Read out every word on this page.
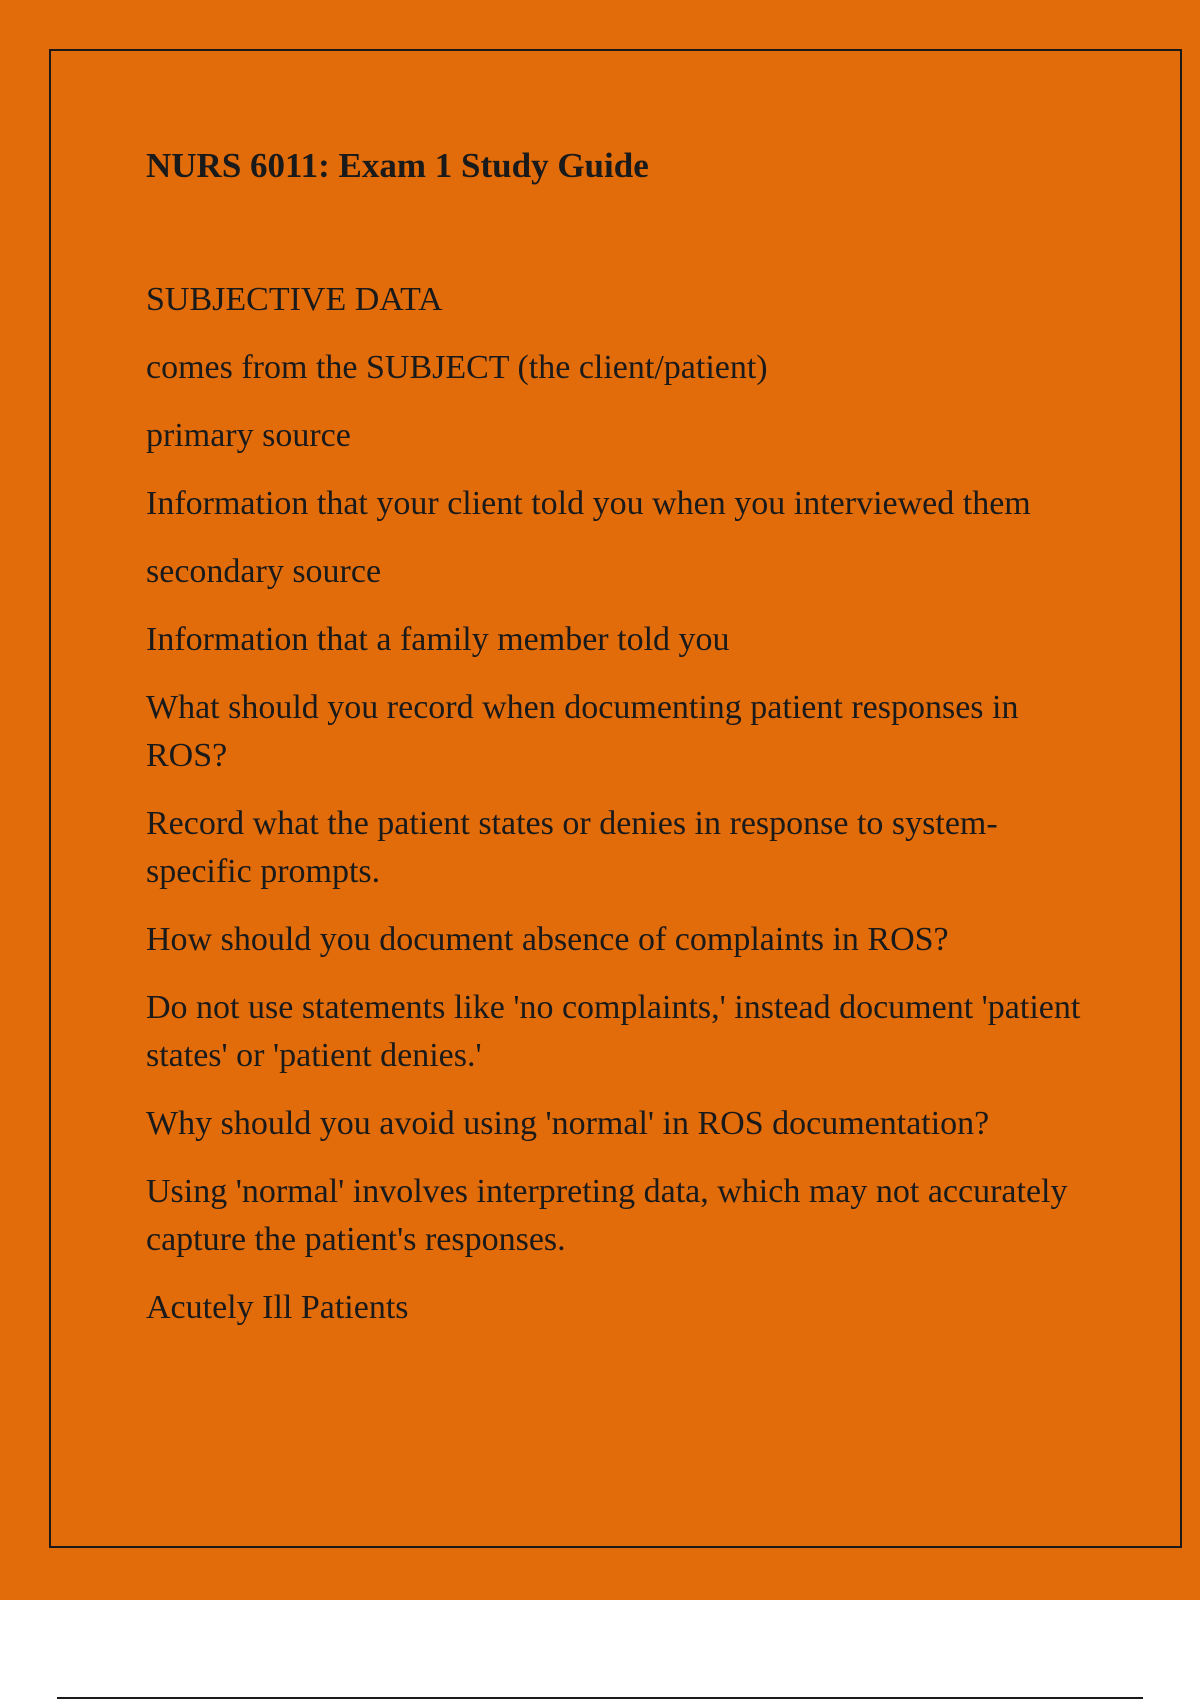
NURS 6011: Exam 1 Study Guide

SUBJECTIVE DATA

comes from the SUBJECT (the client/patient)

primary source

Information that your client told you when you interviewed them

secondary source

Information that a family member told you

What should you record when documenting patient responses in ROS?

Record what the patient states or denies in response to system-specific prompts.

How should you document absence of complaints in ROS?

Do not use statements like 'no complaints,' instead document 'patient states' or 'patient denies.'

Why should you avoid using 'normal' in ROS documentation?

Using 'normal' involves interpreting data, which may not accurately capture the patient's responses.

Acutely Ill Patients
